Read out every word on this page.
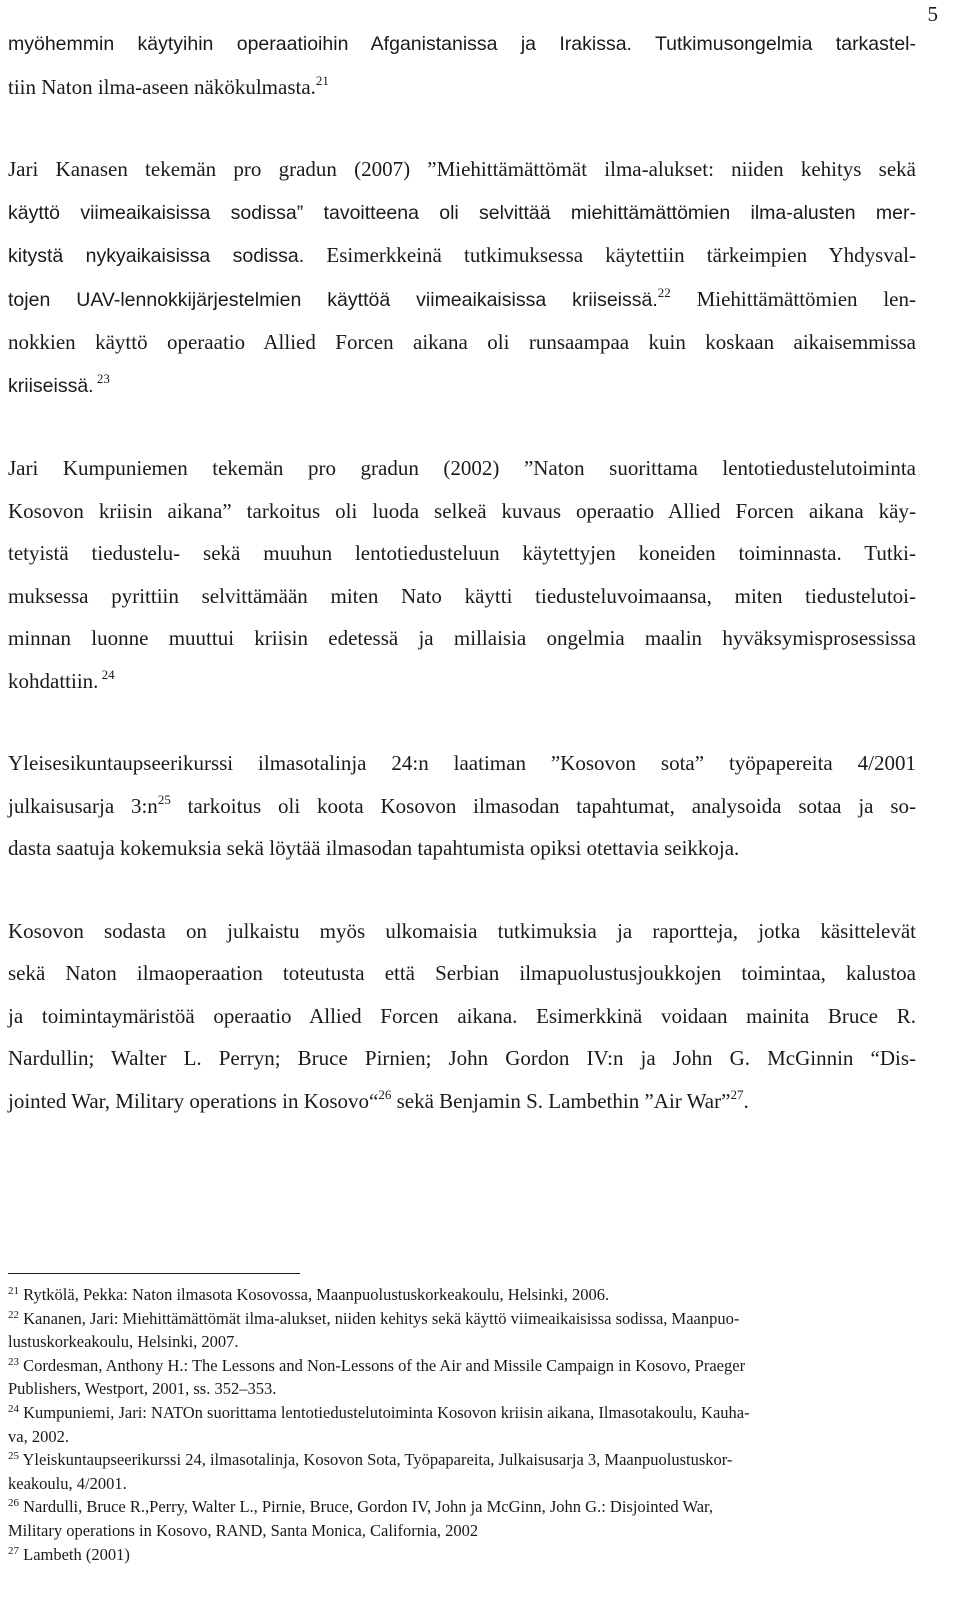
5
myöhemmin käytyihin operaatioihin Afganistanissa ja Irakissa. Tutkimusongelmia tarkastel-
tiin Naton ilma-aseen näkökulmasta.$^{21}$
Jari Kanasen tekemän pro gradun (2007) ”Miehittämättömät ilma-alukset: niiden kehitys sekä
käyttö viimeaikaisissa sodissa” tavoitteena oli selvittää miehittämättömien ilma-alusten mer-
kitystä nykyaikaisissa sodissa. Esimerkkeinä tutkimuksessa käytettiin tärkeimpien Yhdysval-
tojen UAV-lennokkijärjestelmien käyttöä viimeaikaisissa kriiseissä.$^{22}$ Miehittämättömien len-
nokkien käyttö operaatio Allied Forcen aikana oli runsaampaa kuin koskaan aikaisemmissa
kriiseissä. $^{23}$
Jari Kumpuniemen tekemän pro gradun (2002) ”Naton suorittama lentotiedustelutoiminta
Kosovon kriisin aikana” tarkoitus oli luoda selkeä kuvaus operaatio Allied Forcen aikana käy-
tetyistä tiedustelu- sekä muuhun lentotiedusteluun käytettyjen koneiden toiminnasta. Tutki-
muksessa pyrittiin selvittämään miten Nato käytti tiedusteluvoimaansa, miten tiedustelutoi-
minnan luonne muuttui kriisin edetessä ja millaisia ongelmia maalin hyväksymisprosessissa
kohdattiin. $^{24}$
Yleisesikuntaupseerikurssi ilmasotalinja 24:n laatiman ”Kosovon sota” työpapereita 4/2001
julkaisusarja $3:n^{25}$ tarkoitus oli koota Kosovon ilmasodan tapahtumat, analysoida sotaa ja so-
dasta saatuja kokemuksia sekä löytää ilmasodan tapahtumista opiksi otettavia seikkoja.
Kosovon sodasta on julkaistu myös ulkomaisia tutkimuksia ja raportteja, jotka käsittelevät
sekä Naton ilmaoperaation toteutusta että Serbian ilmapuolustusjoukkojen toimintaa, kalustoa
ja toimintaymäristöä operaatio Allied Forcen aikana. Esimerkkinä voidaan mainita Bruce R.
Nardullin; Walter L. Perryn; Bruce Pirnien; John Gordon IV:n ja John G. McGinnin “Dis-
jointed War, Military operations in Kosovo“$^{26}$ sekä Benjamin S. Lambethin ”Air War”$^{27}$.
$^{21}$ Rytkölä, Pekka: Naton ilmasota Kosovossa, Maanpuolustuskorkeakoulu, Helsinki, 2006.
$^{22}$ Kananen, Jari: Miehittämättömät ilma-alukset, niiden kehitys sekä käyttö viimeaikaisissa sodissa, Maanpuo-
lustuskorkeakoulu, Helsinki, 2007.
$^{23}$ Cordesman, Anthony H.: The Lessons and Non-Lessons of the Air and Missile Campaign in Kosovo, Praeger
Publishers, Westport, 2001, ss. 352–353.
$^{24}$ Kumpuniemi, Jari: NATOn suorittama lentotiedustelutoiminta Kosovon kriisin aikana, Ilmasotakoulu, Kauha-
va, 2002.
$^{25}$ Yleiskuntaupseerikurssi 24, ilmasotalinja, Kosovon Sota, Työpapareita, Julkaisusarja 3, Maanpuolustuskor-
keakoulu, 4/2001.
$^{26}$ Nardulli, Bruce R.,Perry, Walter L., Pirnie, Bruce, Gordon IV, John ja McGinn, John G.: Disjointed War,
Military operations in Kosovo, RAND, Santa Monica, California, 2002
$^{27}$ Lambeth (2001)
